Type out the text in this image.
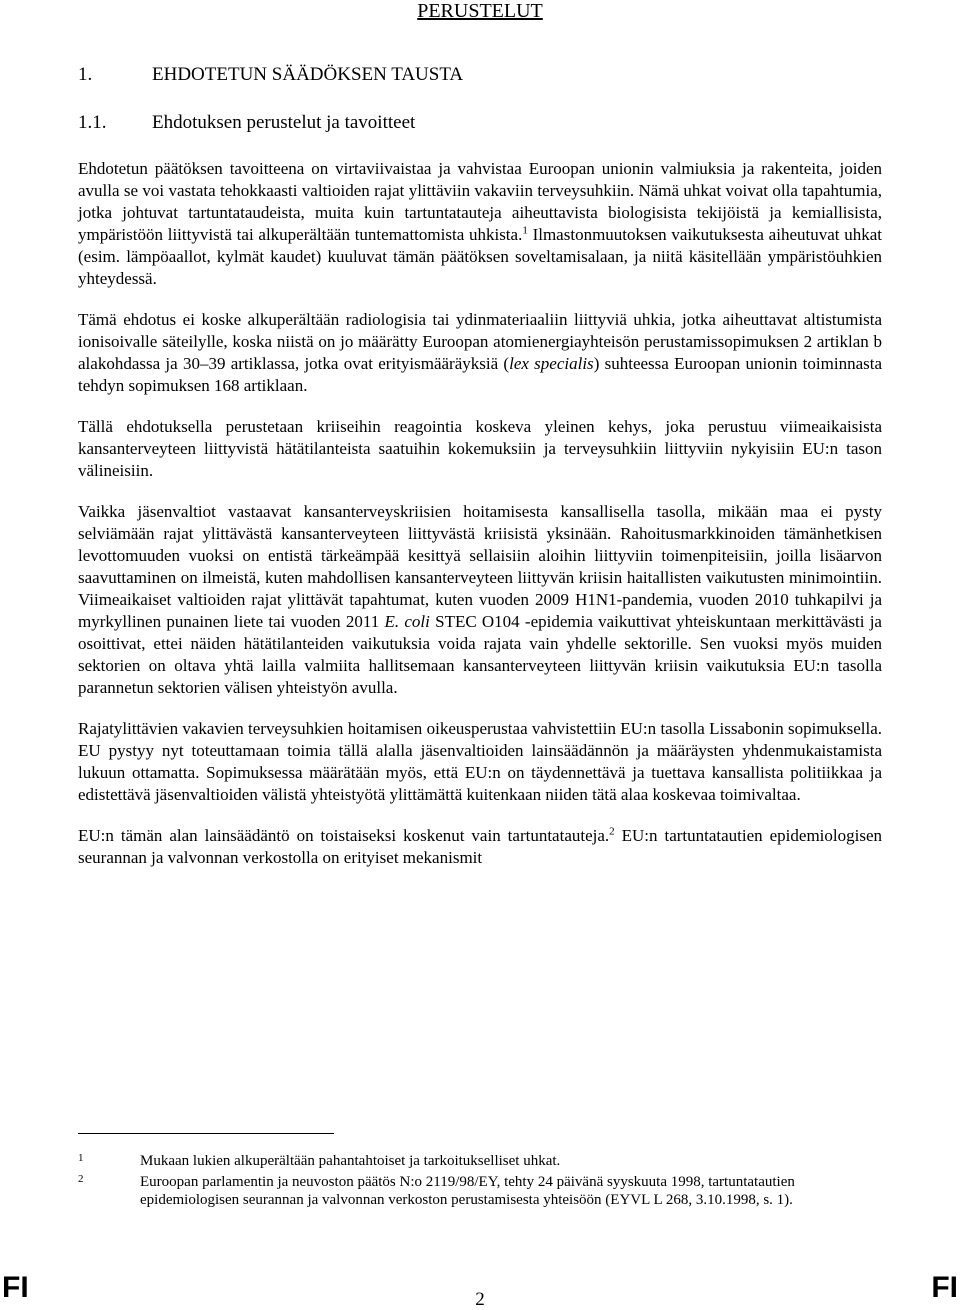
PERUSTELUT
1.	EHDOTETUN SÄÄDÖKSEN TAUSTA
1.1. Ehdotuksen perustelut ja tavoitteet

Ehdotetun päätöksen tavoitteena on virtaviivaistaa ja vahvistaa Euroopan unionin valmiuksia ja rakenteita, joiden avulla se voi vastata tehokkaasti valtioiden rajat ylittäviin vakaviin terveysuhkiin. Nämä uhkat voivat olla tapahtumia, jotka johtuvat tartuntataudeista, muita kuin tartuntatauteja aiheuttavista biologisista tekijöistä ja kemiallisista, ympäristöön liittyvistä tai alkuperältään tuntemattomista uhkista.$^1$ Ilmastonmuutoksen vaikutuksesta aiheutuvat uhkat (esim. lämpöaallot, kylmät kaudet) kuuluvat tämän päätöksen soveltamisalaan, ja niitä käsitellään ympäristöuhkien yhteydessä.

Tämä ehdotus ei koske alkuperältään radiologisia tai ydinmateriaaliin liittyviä uhkia, jotka aiheuttavat altistumista ionisoivalle säteilylle, koska niistä on jo määrätty Euroopan atomienergiayhteisön perustamissopimuksen 2 artiklan b alakohdassa ja 30–39 artiklassa, jotka ovat erityismääräyksiä (lex specialis) suhteessa Euroopan unionin toiminnasta tehdyn sopimuksen 168 artiklaan.

Tällä ehdotuksella perustetaan kriiseihin reagointia koskeva yleinen kehys, joka perustuu viimeaikaisista kansanterveyteen liittyvistä hätätilanteista saatuihin kokemuksiin ja terveysuhkiin liittyviin nykyisiin EU:n tason välineisiin.

Vaikka jäsenvaltiot vastaavat kansanterveyskriisien hoitamisesta kansallisella tasolla, mikään maa ei pysty selviämään rajat ylittävästä kansanterveyteen liittyvästä kriisistä yksinään. Rahoitusmarkkinoiden tämänhetkisen levottomuuden vuoksi on entistä tärkeämpää kesittyä sellaisiin aloihin liittyviin toimenpiteisiin, joilla lisäarvon saavuttaminen on ilmeistä, kuten mahdollisen kansanterveyteen liittyvän kriisin haitallisten vaikutusten minimointiin. Viimeaikaiset valtioiden rajat ylittävät tapahtumat, kuten vuoden 2009 H1N1-pandemia, vuoden 2010 tuhkapilvi ja myrkyllinen punainen liete tai vuoden 2011 E. coli STEC O104 -epidemia vaikuttivat yhteiskuntaan merkittävästi ja osoittivat, ettei näiden hätätilanteiden vaikutuksia voida rajata vain yhdelle sektorille. Sen vuoksi myös muiden sektorien on oltava yhtä lailla valmiita hallitsemaan kansanterveyteen liittyvän kriisin vaikutuksia EU:n tasolla parannetun sektorien välisen yhteistyön avulla.

Rajatylittävien vakavien terveysuhkien hoitamisen oikeusperustaa vahvistettiin EU:n tasolla Lissabonin sopimuksella. EU pystyy nyt toteuttamaan toimia tällä alalla jäsenvaltioiden lainsäädännön ja määräysten yhdenmukaistamista lukuun ottamatta. Sopimuksessa määrätään myös, että EU:n on täydennettävä ja tuettava kansallista politiikkaa ja edistettävä jäsenvaltioiden välistä yhteistyötä ylittämättä kuitenkaan niiden tätä alaa koskevaa toimivaltaa.

EU:n tämän alan lainsäädäntö on toistaiseksi koskenut vain tartuntatauteja.$^2$ EU:n tartuntatautien epidemiologisen seurannan ja valvonnan verkostolla on erityiset mekanismit

1	Mukaan lukien alkuperältään pahantahtoiset ja tarkoitukselliset uhkat.
2	Euroopan parlamentin ja neuvoston päätös N:o 2119/98/EY, tehty 24 päivänä syyskuuta 1998, tartuntatautien epidemiologisen seurannan ja valvonnan verkoston perustamisesta yhteisöön (EYVL L 268, 3.10.1998, s. 1).
FI	2	FI
